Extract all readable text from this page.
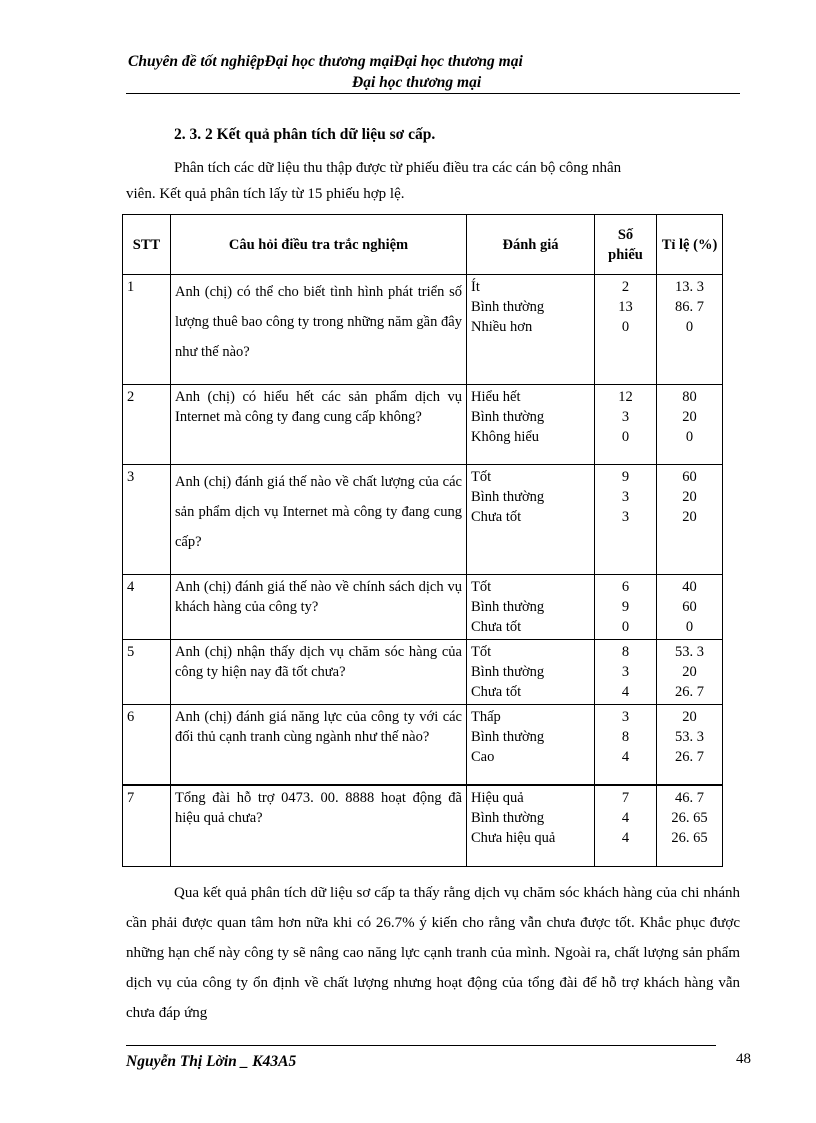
Chuyên đề tốt nghiệpĐại học thương mạiĐại học thương mại
Đại học thương mại
2. 3. 2 Kết quả phân tích dữ liệu sơ cấp.

Phân tích các dữ liệu thu thập được từ phiếu điều tra các cán bộ công nhân

viên. Kết quả phân tích lấy từ 15 phiếu hợp lệ.

STT	Câu hỏi điều tra trắc nghiệm	Đánh giá	Số phiếu	Tỉ lệ (%)
1	Anh (chị) có thể cho biết tình hình phát triển số lượng thuê bao công ty trong những năm gần đây như thế nào?	Ít
Bình thường
Nhiều hơn	2
13
0	13. 3
86. 7
0

2	Anh (chị) có hiểu hết các sản phẩm dịch vụ Internet mà công ty đang cung cấp không?	Hiểu hết
Bình thường
Không hiểu	12
3
0	80
20
0

3	Anh (chị) đánh giá thế nào về chất lượng của các sản phẩm dịch vụ Internet mà công ty đang cung cấp?	Tốt
Bình thường
Chưa tốt	9
3
3	60
20
20

4	Anh (chị) đánh giá thế nào về chính sách dịch vụ khách hàng của công ty?	Tốt
Bình thường
Chưa tốt	6
9
0	40
60
0

5	Anh (chị) nhận thấy dịch vụ chăm sóc hàng của công ty hiện nay đã tốt chưa?	Tốt
Bình thường
Chưa tốt	8
3
4	53. 3
20
26. 7

6	Anh (chị) đánh giá năng lực của công ty với các đối thủ cạnh tranh cùng ngành như thế nào?	Thấp
Bình thường
Cao	3
8
4	20
53. 3
26. 7

7	Tổng đài hỗ trợ 0473. 00. 8888 hoạt động đã hiệu quả chưa?	Hiệu quả
Bình thường
Chưa hiệu quả	7
4
4	46. 7
26. 65
26. 65
Qua kết quả phân tích dữ liệu sơ cấp ta thấy rằng dịch vụ chăm sóc khách hàng của chi nhánh cần phải được quan tâm hơn nữa khi có 26.7% ý kiến cho rằng vẫn chưa được tốt. Khắc phục được những hạn chế này công ty sẽ nâng cao năng lực cạnh tranh của mình. Ngoài ra, chất lượng sản phẩm dịch vụ của công ty ổn định về chất lượng nhưng hoạt động của tổng đài để hỗ trợ khách hàng vẫn chưa đáp ứng
Nguyễn Thị Lờin _ K43A5	48
